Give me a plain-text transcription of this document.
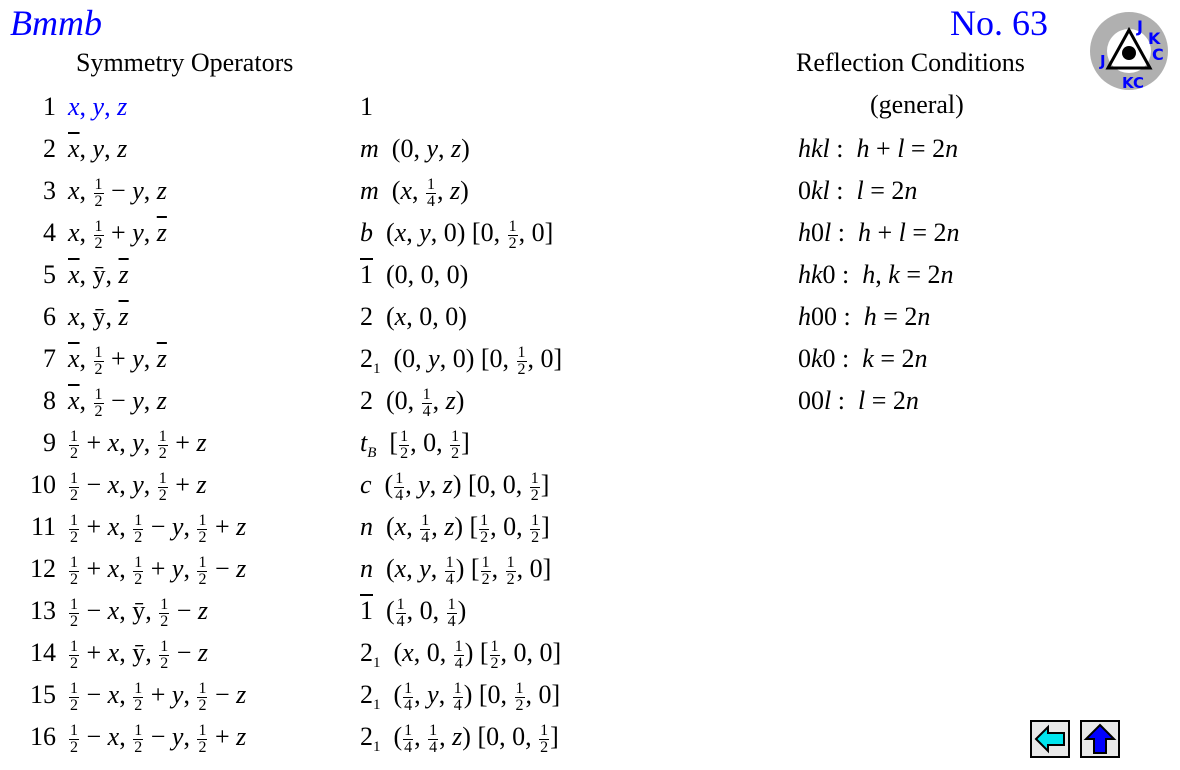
Bmmb	No. 63	J
K
C
J
KC
Symmetry Operators	Reflection Conditions
(general)
1 x, y, z	1
2 $\overline{x}$, y, z	m  (0, y, z)
3 x, $\frac{1}{2} - y$, z	m  (x, $\frac{1}{4}$ , z)
4 x, $\frac{1}{2} + y$, $\overline{z}$	b  (x, y, 0) [0, $\frac{1}{2}$ , 0]
5 $\overline{x}$, ȳ, $\overline{z}$	1  (0, 0, 0)
6 x, ȳ, $\overline{z}$	2  (x, 0, 0)
7 $\overline{x}$, $\frac{1}{2} + y$, $\overline{z}$	$2_1$  (0, y, 0) [0, $\frac{1}{2}$ , 0]
8 $\overline{x}$, $\frac{1}{2} - y$, z	2  (0, $\frac{1}{4}$ , z)
$9 \frac{1}{2} + x$, y, $\frac{1}{2} + z$	$t_B$  [ $\frac{1}{2}$ , 0, $\frac{1}{2}$ ]
$10 \frac{1}{2} - x$, y, $\frac{1}{2} + z$	c  ( $\frac{1}{4}$ , y, z) [0, 0, $\frac{1}{2}$ ]
$11 \frac{1}{2} + x$, $\frac{1}{2} - y$, $\frac{1}{2} + z$	n  (x, $\frac{1}{4}$ , z) [ $\frac{1}{2}$ , 0, $\frac{1}{2}$ ]
$12 \frac{1}{2} + x$, $\frac{1}{2} + y$, $\frac{1}{2} - z$	n  (x, y, $\frac{1}{4}$ ) [ $\frac{1}{2}$ , $\frac{1}{2}$ , 0]
$13 \frac{1}{2} - x$, ȳ, $\frac{1}{2} - z$	1  ( $\frac{1}{4}$ , 0, $\frac{1}{4}$ )
$14 \frac{1}{2} + x$, ȳ, $\frac{1}{2} - z$	$2_1$  (x, 0, $\frac{1}{4}$ ) [ $\frac{1}{2}$ , 0, 0]
$15 \frac{1}{2} - x$, $\frac{1}{2} + y$, $\frac{1}{2} - z$	$2_1$  ( $\frac{1}{4}$ , y, $\frac{1}{4}$ ) [0, $\frac{1}{2}$ , 0]
$16 \frac{1}{2} - x$, $\frac{1}{2} - y$, $\frac{1}{2} + z$	$2_1$  ( $\frac{1}{4}$ , $\frac{1}{4}$ , z) [0, 0, $\frac{1}{2}$ ]
hkl :  h + l = 2n
0kl :  l = 2n
h0l :  h + l = 2n
hk0 :  h, k = 2n
h00 :  h = 2n
0k0 :  k = 2n
00l :  l = 2n
